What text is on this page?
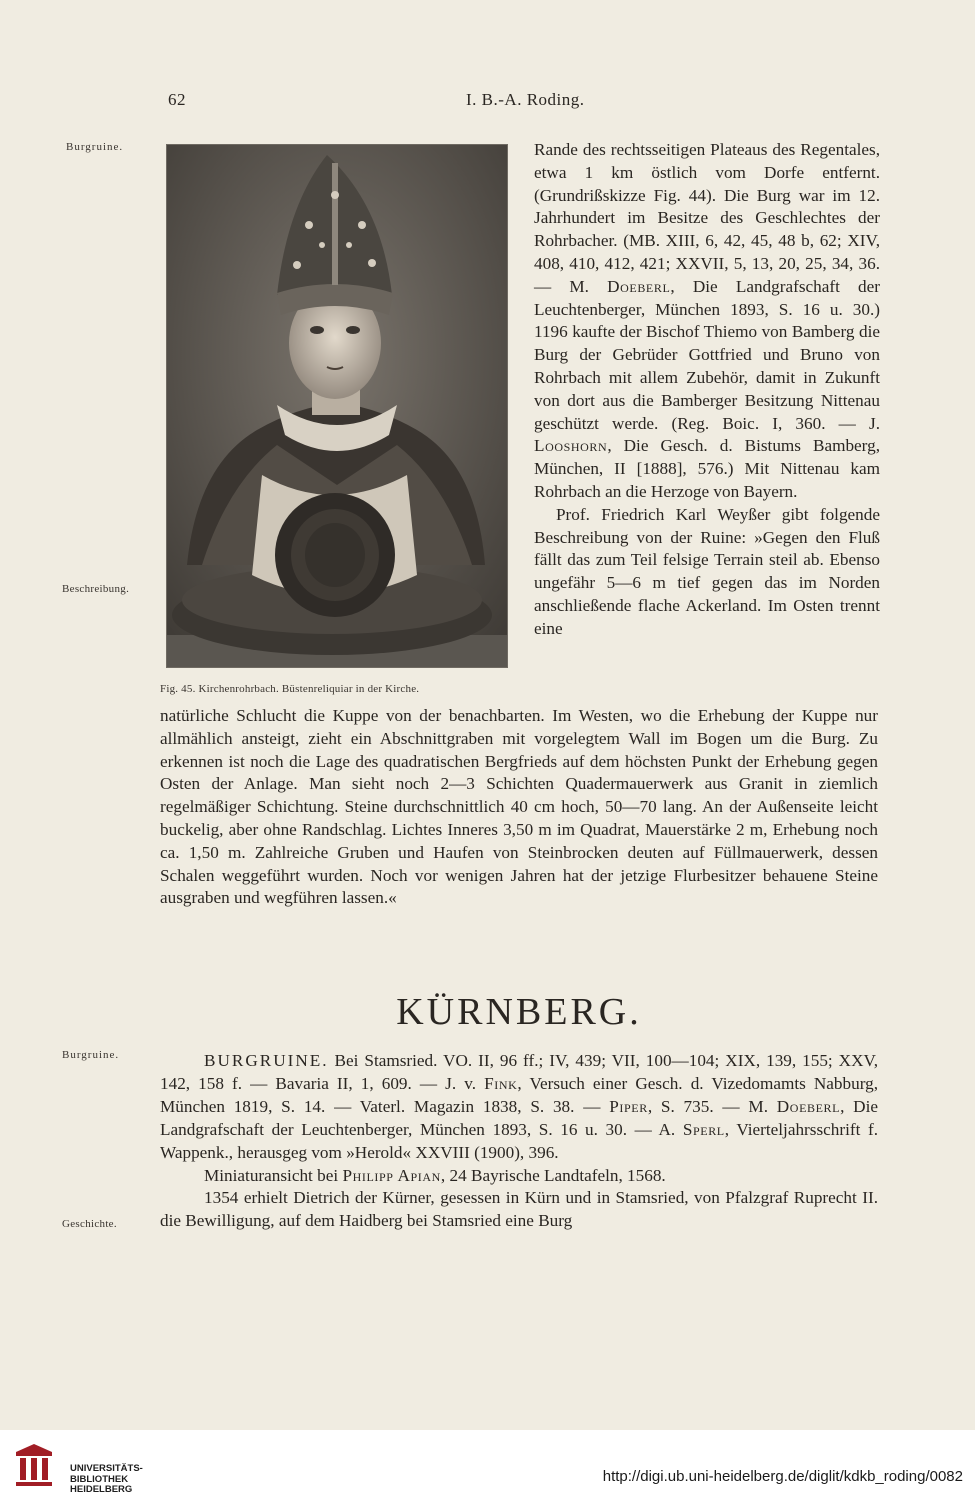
62	I. B.-A. Roding.
Burgruine.
Beschreibung.
Burgruine.
Geschichte.
Fig. 45. Kirchenrohrbach. Büstenreliquiar in der Kirche.

Rande des rechtsseitigen Plateaus des Regentales, etwa 1 km östlich vom Dorfe entfernt. (Grundrißskizze Fig. 44). Die Burg war im 12. Jahrhundert im Besitze des Geschlechtes der Rohrbacher. (MB. XIII, 6, 42, 45, 48 b, 62; XIV, 408, 410, 412, 421; XXVII, 5, 13, 20, 25, 34, 36. — M. Doeberl, Die Landgrafschaft der Leuchtenberger, München 1893, S. 16 u. 30.) 1196 kaufte der Bischof Thiemo von Bamberg die Burg der Gebrüder Gottfried und Bruno von Rohrbach mit allem Zubehör, damit in Zukunft von dort aus die Bamberger Besitzung Nittenau geschützt werde. (Reg. Boic. I, 360. — J. Looshorn, Die Gesch. d. Bistums Bamberg, München, II [1888], 576.) Mit Nittenau kam Rohrbach an die Herzoge von Bayern.

Prof. Friedrich Karl Weyßer gibt folgende Beschreibung von der Ruine: »Gegen den Fluß fällt das zum Teil felsige Terrain steil ab. Ebenso ungefähr 5—6 m tief gegen das im Norden anschließende flache Ackerland. Im Osten trennt eine

natürliche Schlucht die Kuppe von der benachbarten. Im Westen, wo die Erhebung der Kuppe nur allmählich ansteigt, zieht ein Abschnittgraben mit vorgelegtem Wall im Bogen um die Burg. Zu erkennen ist noch die Lage des quadratischen Bergfrieds auf dem höchsten Punkt der Erhebung gegen Osten der Anlage. Man sieht noch 2—3 Schichten Quadermauerwerk aus Granit in ziemlich regelmäßiger Schichtung. Steine durchschnittlich 40 cm hoch, 50—70 lang. An der Außenseite leicht buckelig, aber ohne Randschlag. Lichtes Inneres 3,50 m im Quadrat, Mauerstärke 2 m, Erhebung noch ca. 1,50 m. Zahlreiche Gruben und Haufen von Steinbrocken deuten auf Füllmauerwerk, dessen Schalen weggeführt wurden. Noch vor wenigen Jahren hat der jetzige Flurbesitzer behauene Steine ausgraben und wegführen lassen.«

KÜRNBERG.

BURGRUINE. Bei Stamsried. VO. II, 96 ff.; IV, 439; VII, 100—104; XIX, 139, 155; XXV, 142, 158 f. — Bavaria II, 1, 609. — J. v. Fink, Versuch einer Gesch. d. Vizedomamts Nabburg, München 1819, S. 14. — Vaterl. Magazin 1838, S. 38. — Piper, S. 735. — M. Doeberl, Die Landgrafschaft der Leuchtenberger, München 1893, S. 16 u. 30. — A. Sperl, Vierteljahrsschrift f. Wappenk., herausgeg vom »Herold« XXVIII (1900), 396.

Miniaturansicht bei Philipp Apian, 24 Bayrische Landtafeln, 1568.

1354 erhielt Dietrich der Kürner, gesessen in Kürn und in Stamsried, von Pfalzgraf Ruprecht II. die Bewilligung, auf dem Haidberg bei Stamsried eine Burg

UNIVERSITÄTS-
BIBLIOTHEK
HEIDELBERG
http://digi.ub.uni-heidelberg.de/diglit/kdkb_roding/0082
